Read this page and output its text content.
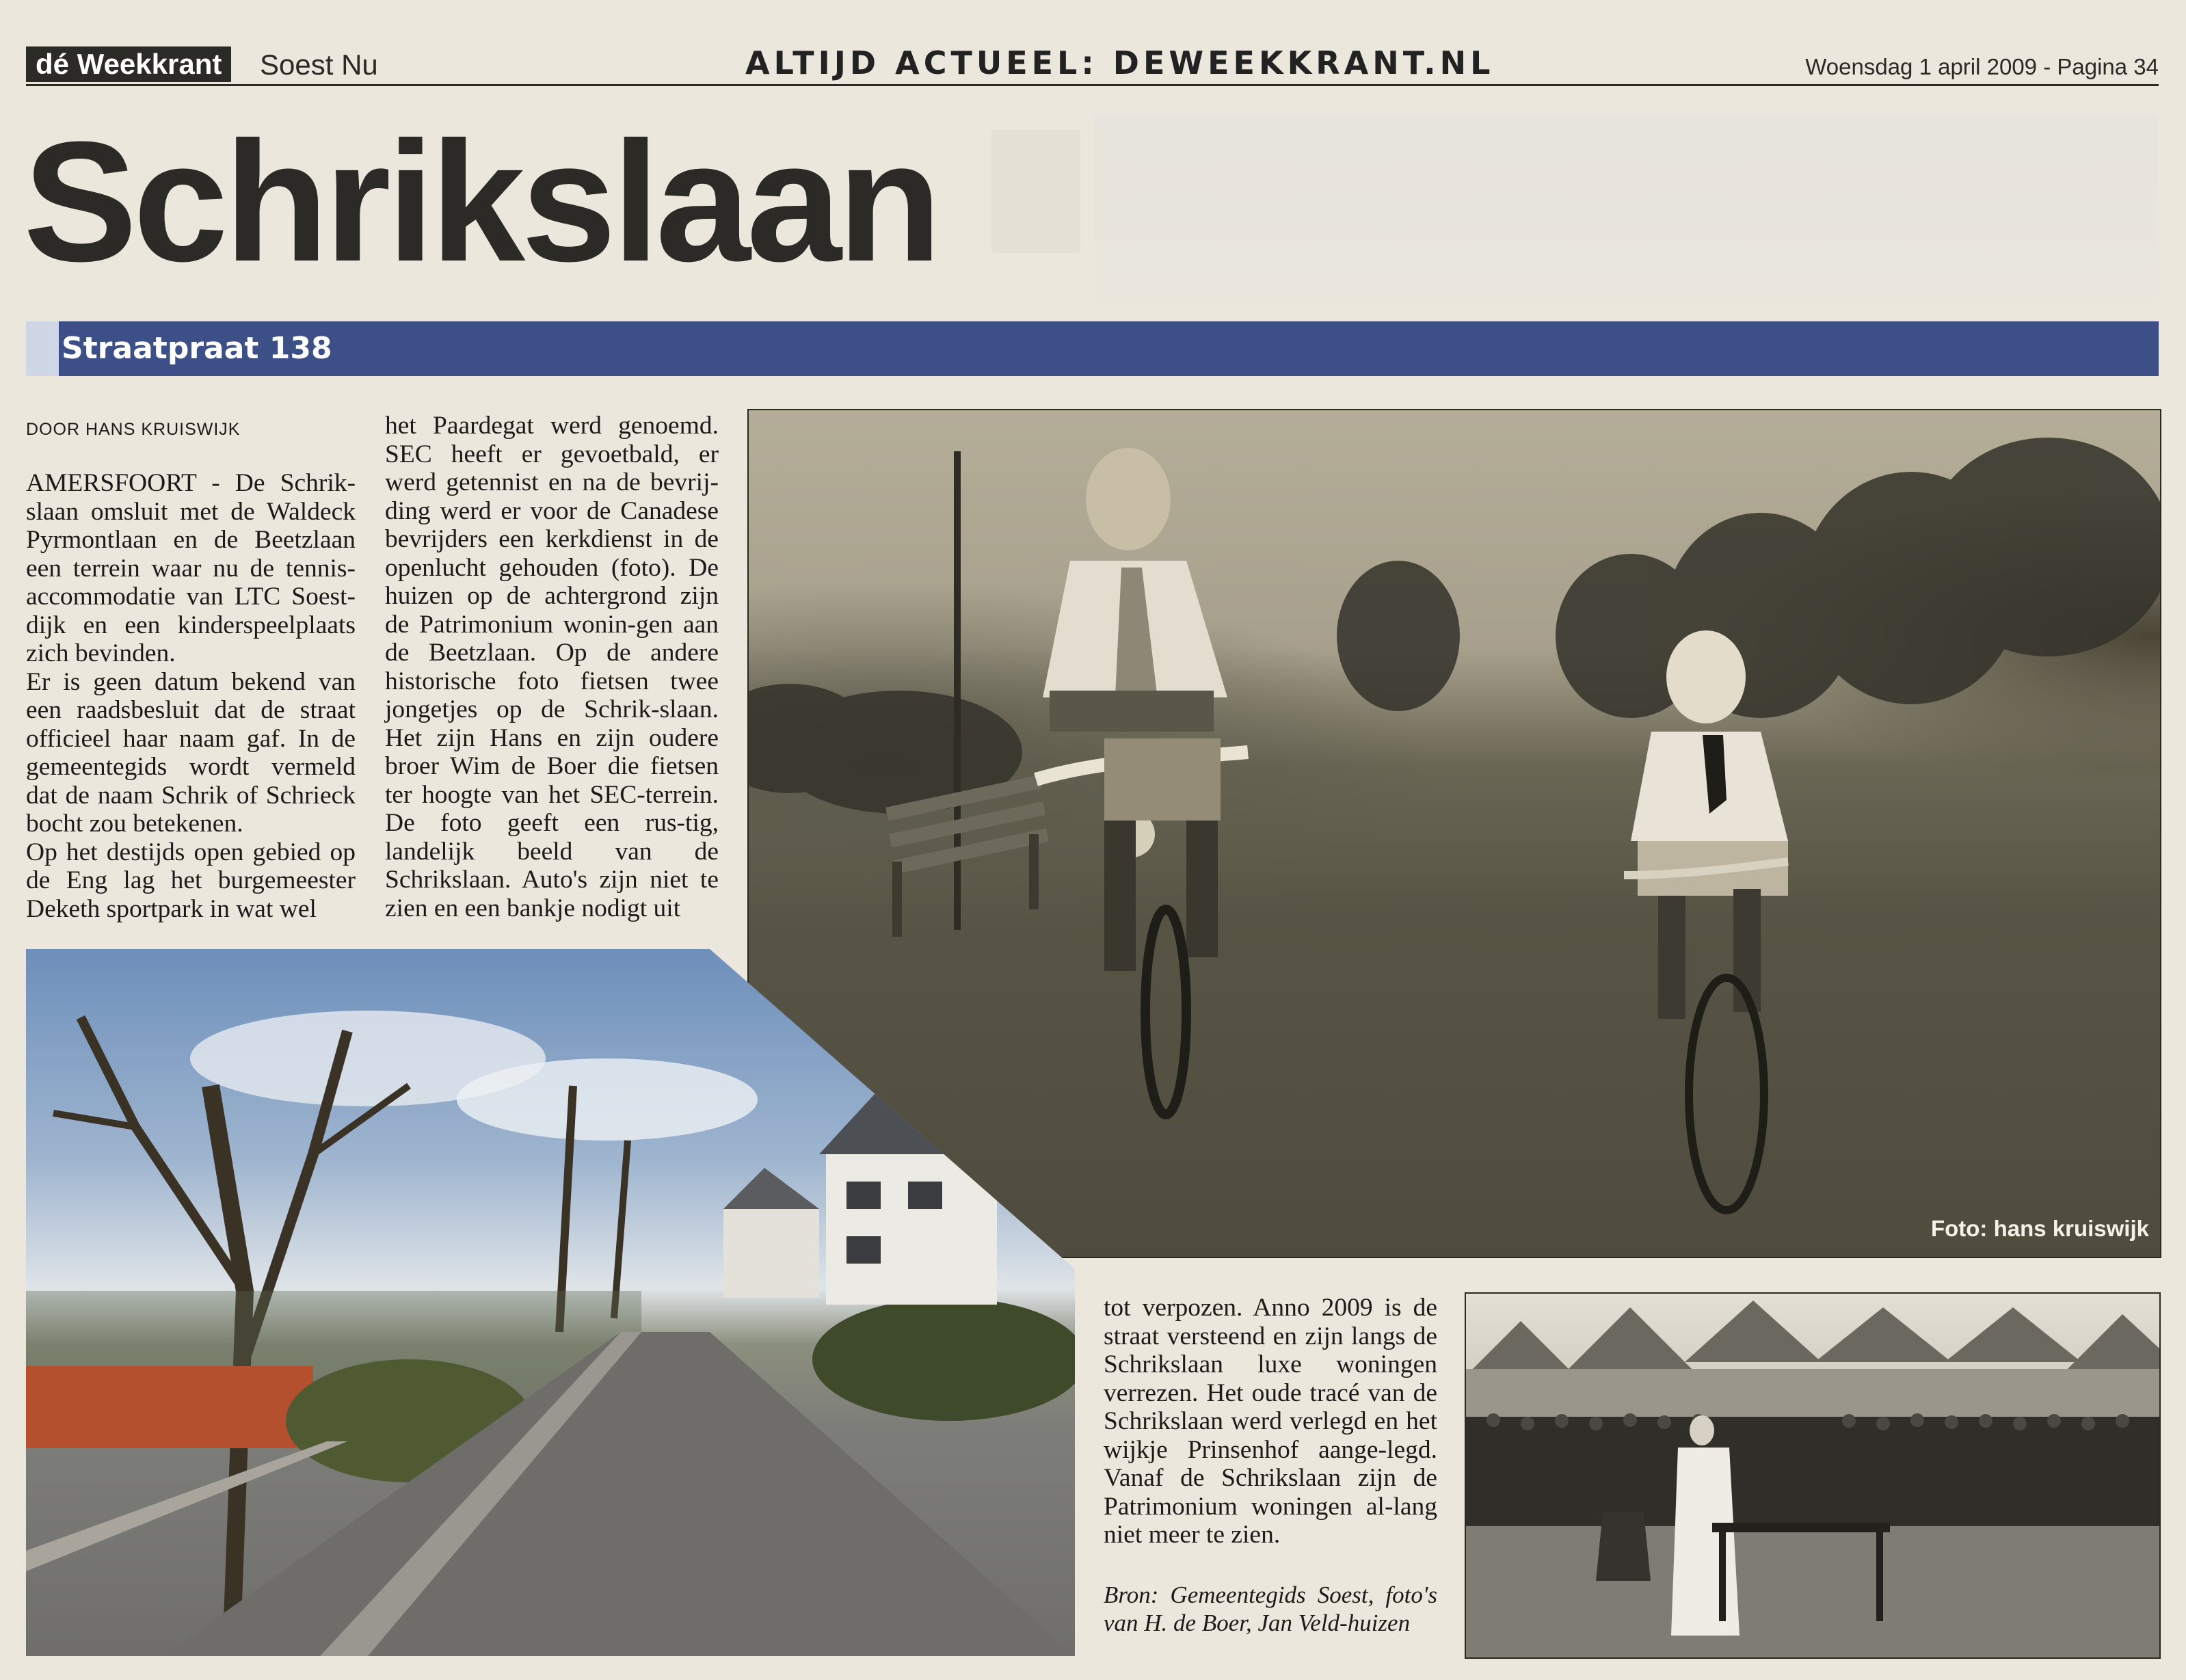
dé Weekkrant	Soest Nu	ALTIJD ACTUEEL: DEWEEKKRANT.NL	Woensdag 1 april 2009 - Pagina 34
Schrikslaan
Straatpraat 138
DOOR HANS KRUISWIJK

AMERSFOORT - De Schrik-slaan omsluit met de Waldeck Pyrmontlaan en de Beetzlaan een terrein waar nu de tennis-accommodatie van LTC Soest-dijk en een kinderspeelplaats zich bevinden.

Er is geen datum bekend van een raadsbesluit dat de straat officieel haar naam gaf. In de gemeentegids wordt vermeld dat de naam Schrik of Schrieck bocht zou betekenen.

Op het destijds open gebied op de Eng lag het burgemeester Deketh sportpark in wat wel

het Paardegat werd genoemd. SEC heeft er gevoetbald, er werd getennist en na de bevrij-ding werd er voor de Canadese bevrijders een kerkdienst in de openlucht gehouden (foto). De huizen op de achtergrond zijn de Patrimonium wonin-gen aan de Beetzlaan. Op de andere historische foto fietsen twee jongetjes op de Schrik-slaan. Het zijn Hans en zijn oudere broer Wim de Boer die fietsen ter hoogte van het SEC-terrein. De foto geeft een rus-tig, landelijk beeld van de Schrikslaan. Auto's zijn niet te zien en een bankje nodigt uit

Foto: hans kruiswijk

tot verpozen. Anno 2009 is de straat versteend en zijn langs de Schrikslaan luxe woningen verrezen. Het oude tracé van de Schrikslaan werd verlegd en het wijkje Prinsenhof aange-legd. Vanaf de Schrikslaan zijn de Patrimonium woningen al-lang niet meer te zien.

Bron: Gemeentegids Soest, foto's van H. de Boer, Jan Veld-huizen
